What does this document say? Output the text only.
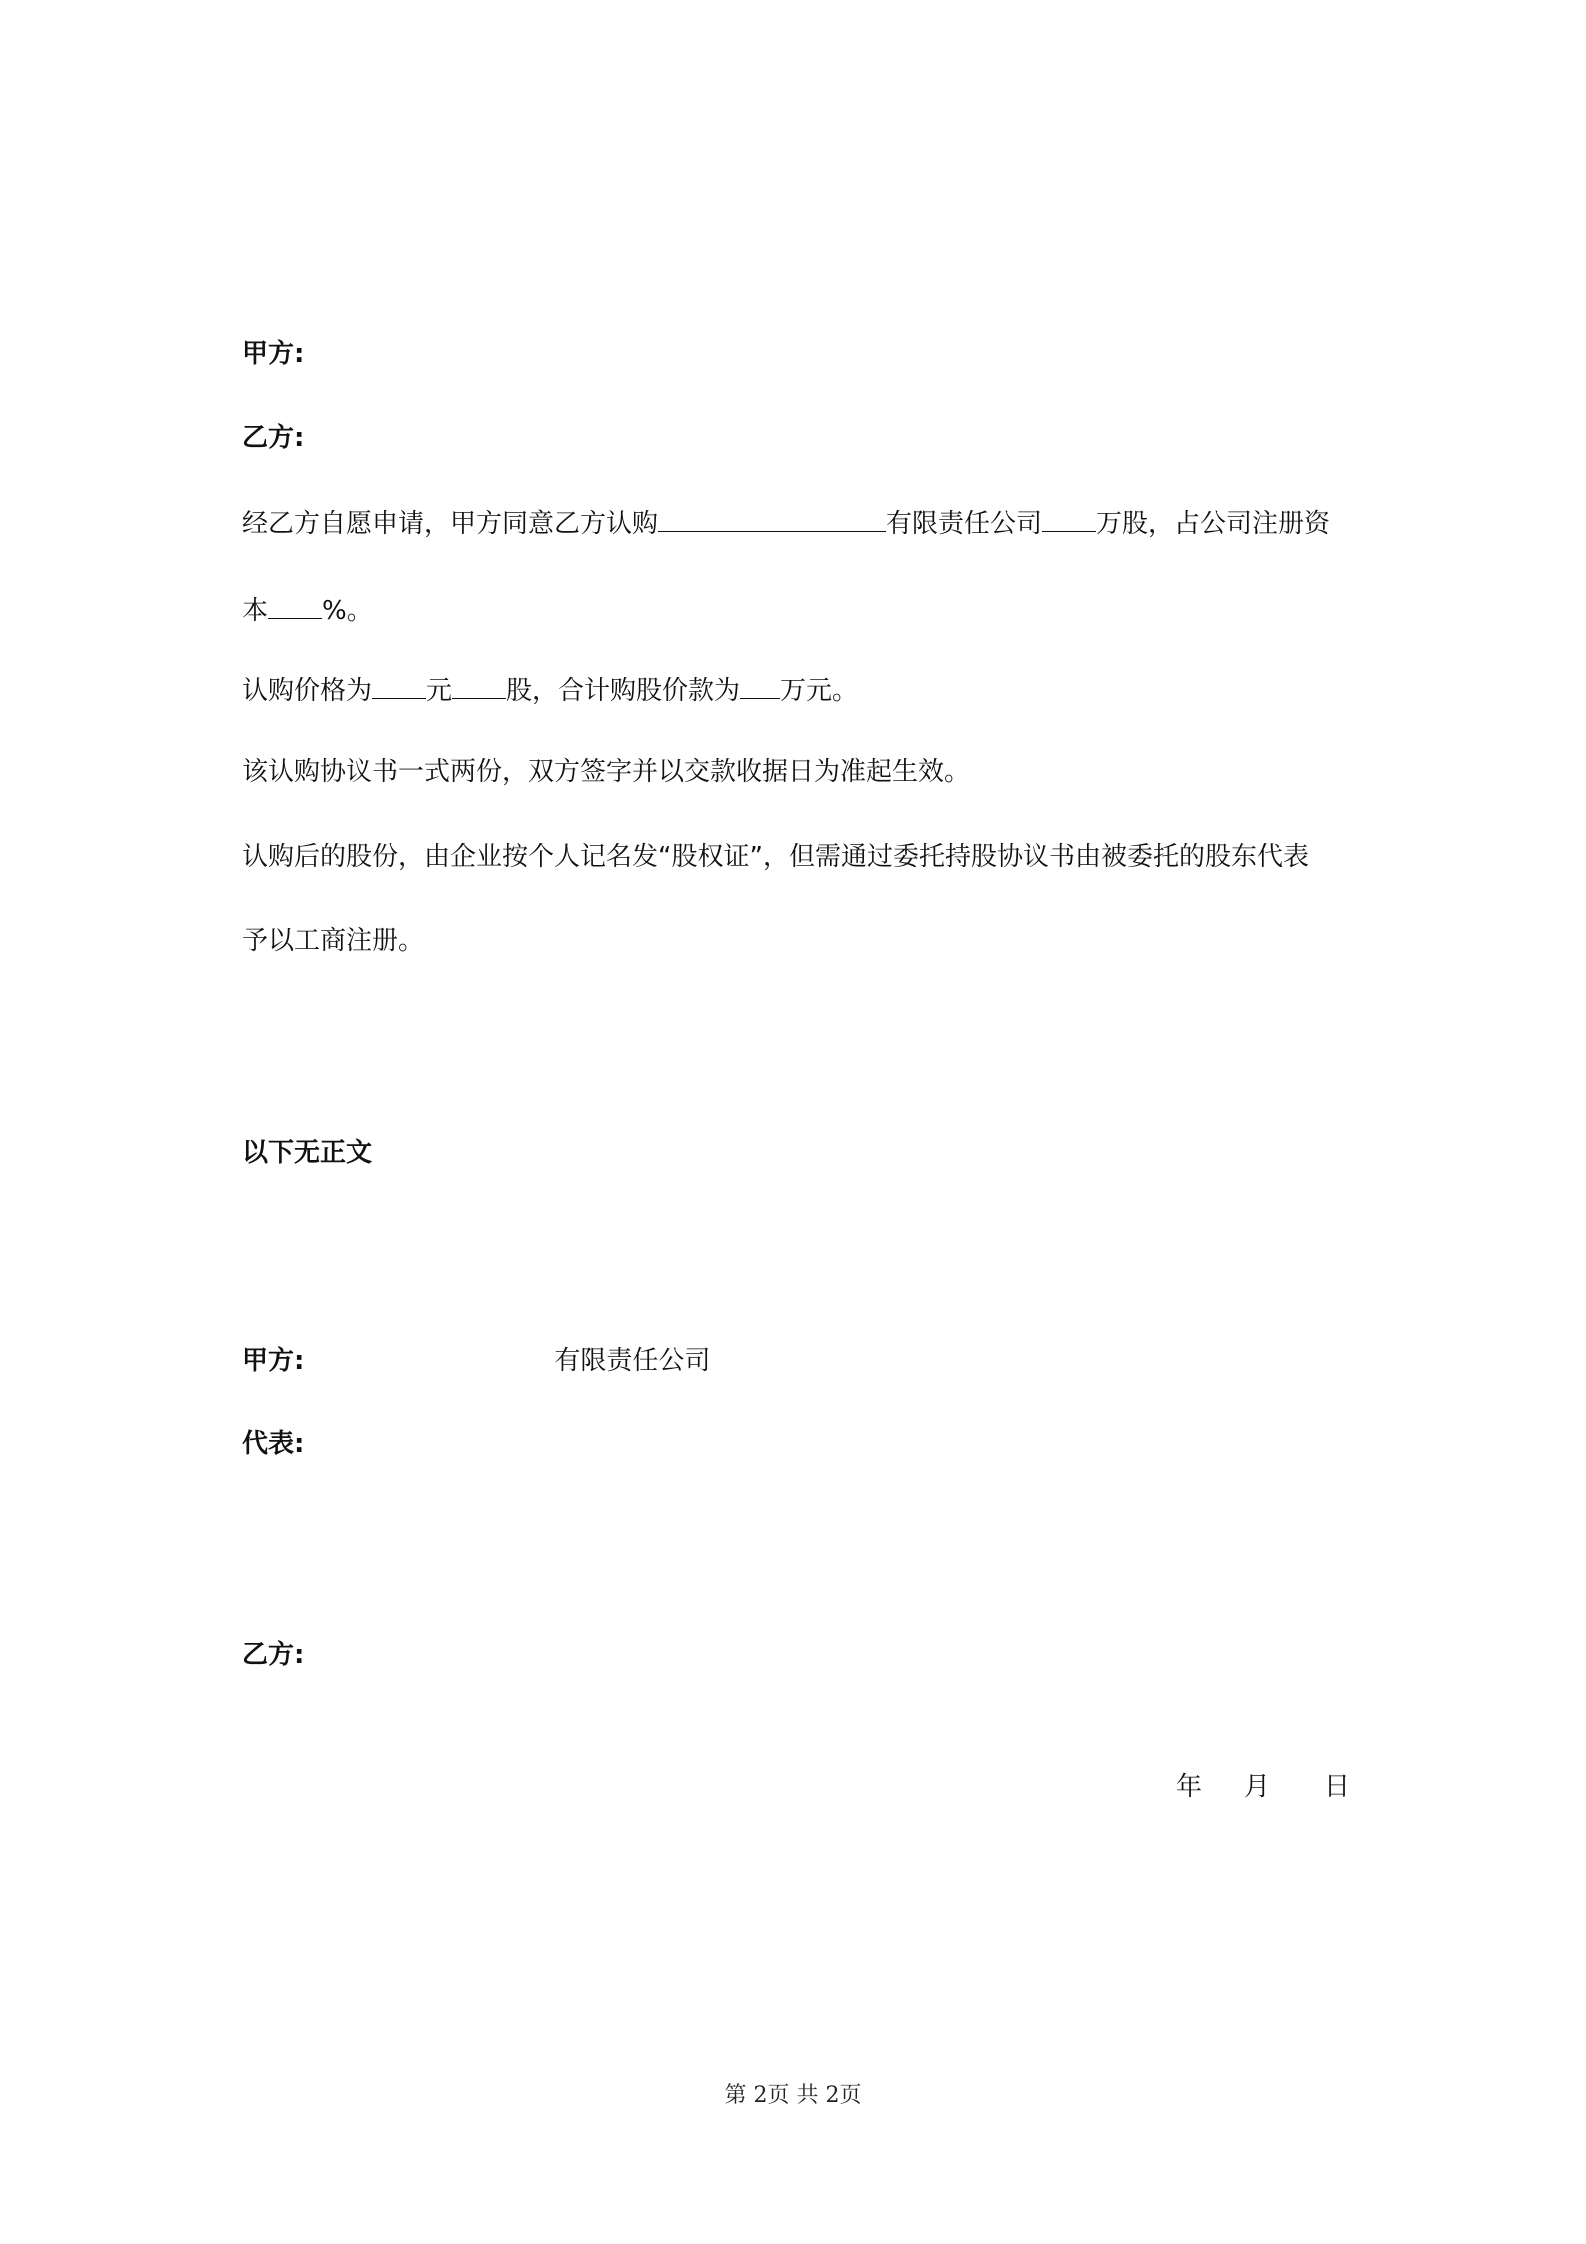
甲方:
乙方:
经乙方自愿申请，甲方同意乙方认购	有限责任公司 万股，占公司注册资
本 %。
认购价格为 元 股，合计购股价款为 万元。
该认购协议书一式两份，双方签字并以交款收据日为准起生效。
认购后的股份，由企业按个人记名发“股权证”，但需通过委托持股协议书由被委托的股东代表
予以工商注册。
以下无正文
甲方:	有限责任公司
代表:
乙方:
年 月 日
第 2页 共 2页
